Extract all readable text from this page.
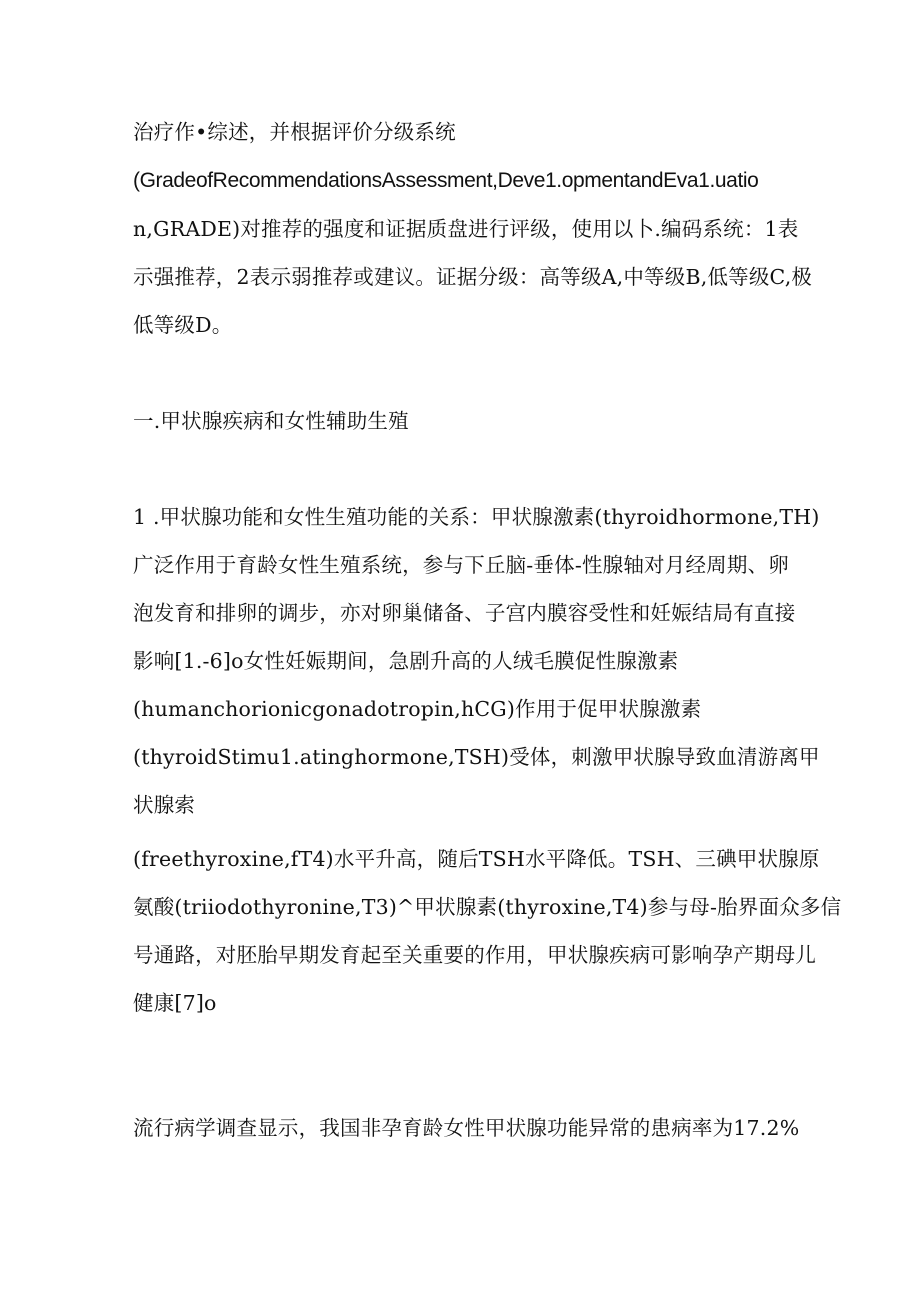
治疗作•综述，并根据评价分级系统
(GradeofRecommendationsAssessment,Deve1.opmentandEva1.uatio
n,GRADE)对推荐的强度和证据质盘进行评级，使用以卜.编码系统：1表
示强推荐，2表示弱推荐或建议。证据分级：高等级A,中等级B,低等级C,极
低等级D。
一.甲状腺疾病和女性辅助生殖
1 .甲状腺功能和女性生殖功能的关系：甲状腺激素(thyroidhormone,TH)
广泛作用于育龄女性生殖系统，参与下丘脑-垂体-性腺轴对月经周期、卵
泡发育和排卵的调步，亦对卵巢储备、子宫内膜容受性和妊娠结局有直接
影响[1.-6]o女性妊娠期间，急剧升高的人绒毛膜促性腺激素
(humanchorionicgonadotropin,hCG)作用于促甲状腺激素
(thyroidStimu1.atinghormone,TSH)受体，刺激甲状腺导致血清游离甲
状腺索
(freethyroxine,fT4)水平升高，随后TSH水平降低。TSH、三碘甲状腺原
氨酸(triiodothyronine,T3)^甲状腺素(thyroxine,T4)参与母-胎界面众多信
号通路，对胚胎早期发育起至关重要的作用，甲状腺疾病可影响孕产期母儿
健康[7]o
流行病学调查显示，我国非孕育龄女性甲状腺功能异常的患病率为17.2%
